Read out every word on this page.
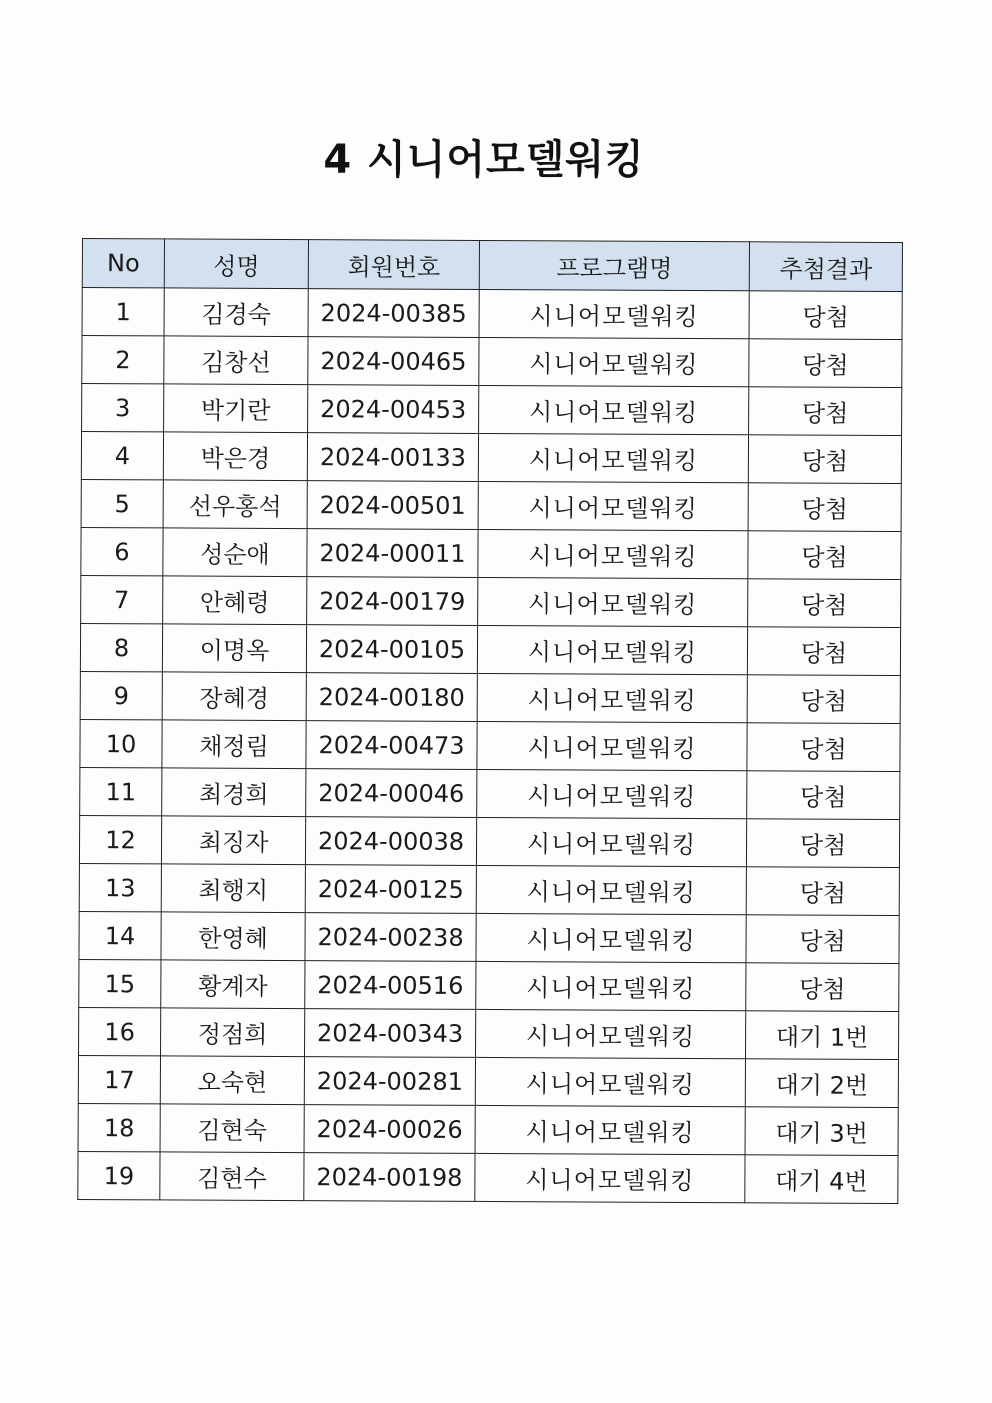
4 시니어모델워킹
No	성명	회원번호	프로그램명	추첨결과
1	김경숙	2024-00385	시니어모델워킹	당첨
2	김창선	2024-00465	시니어모델워킹	당첨
3	박기란	2024-00453	시니어모델워킹	당첨
4	박은경	2024-00133	시니어모델워킹	당첨
5	선우홍석	2024-00501	시니어모델워킹	당첨
6	성순애	2024-00011	시니어모델워킹	당첨
7	안혜령	2024-00179	시니어모델워킹	당첨
8	이명옥	2024-00105	시니어모델워킹	당첨
9	장혜경	2024-00180	시니어모델워킹	당첨
10	채정림	2024-00473	시니어모델워킹	당첨
11	최경희	2024-00046	시니어모델워킹	당첨
12	최징자	2024-00038	시니어모델워킹	당첨
13	최행지	2024-00125	시니어모델워킹	당첨
14	한영혜	2024-00238	시니어모델워킹	당첨
15	황계자	2024-00516	시니어모델워킹	당첨
16	정점희	2024-00343	시니어모델워킹	대기 1번
17	오숙현	2024-00281	시니어모델워킹	대기 2번
18	김현숙	2024-00026	시니어모델워킹	대기 3번
19	김현수	2024-00198	시니어모델워킹	대기 4번
